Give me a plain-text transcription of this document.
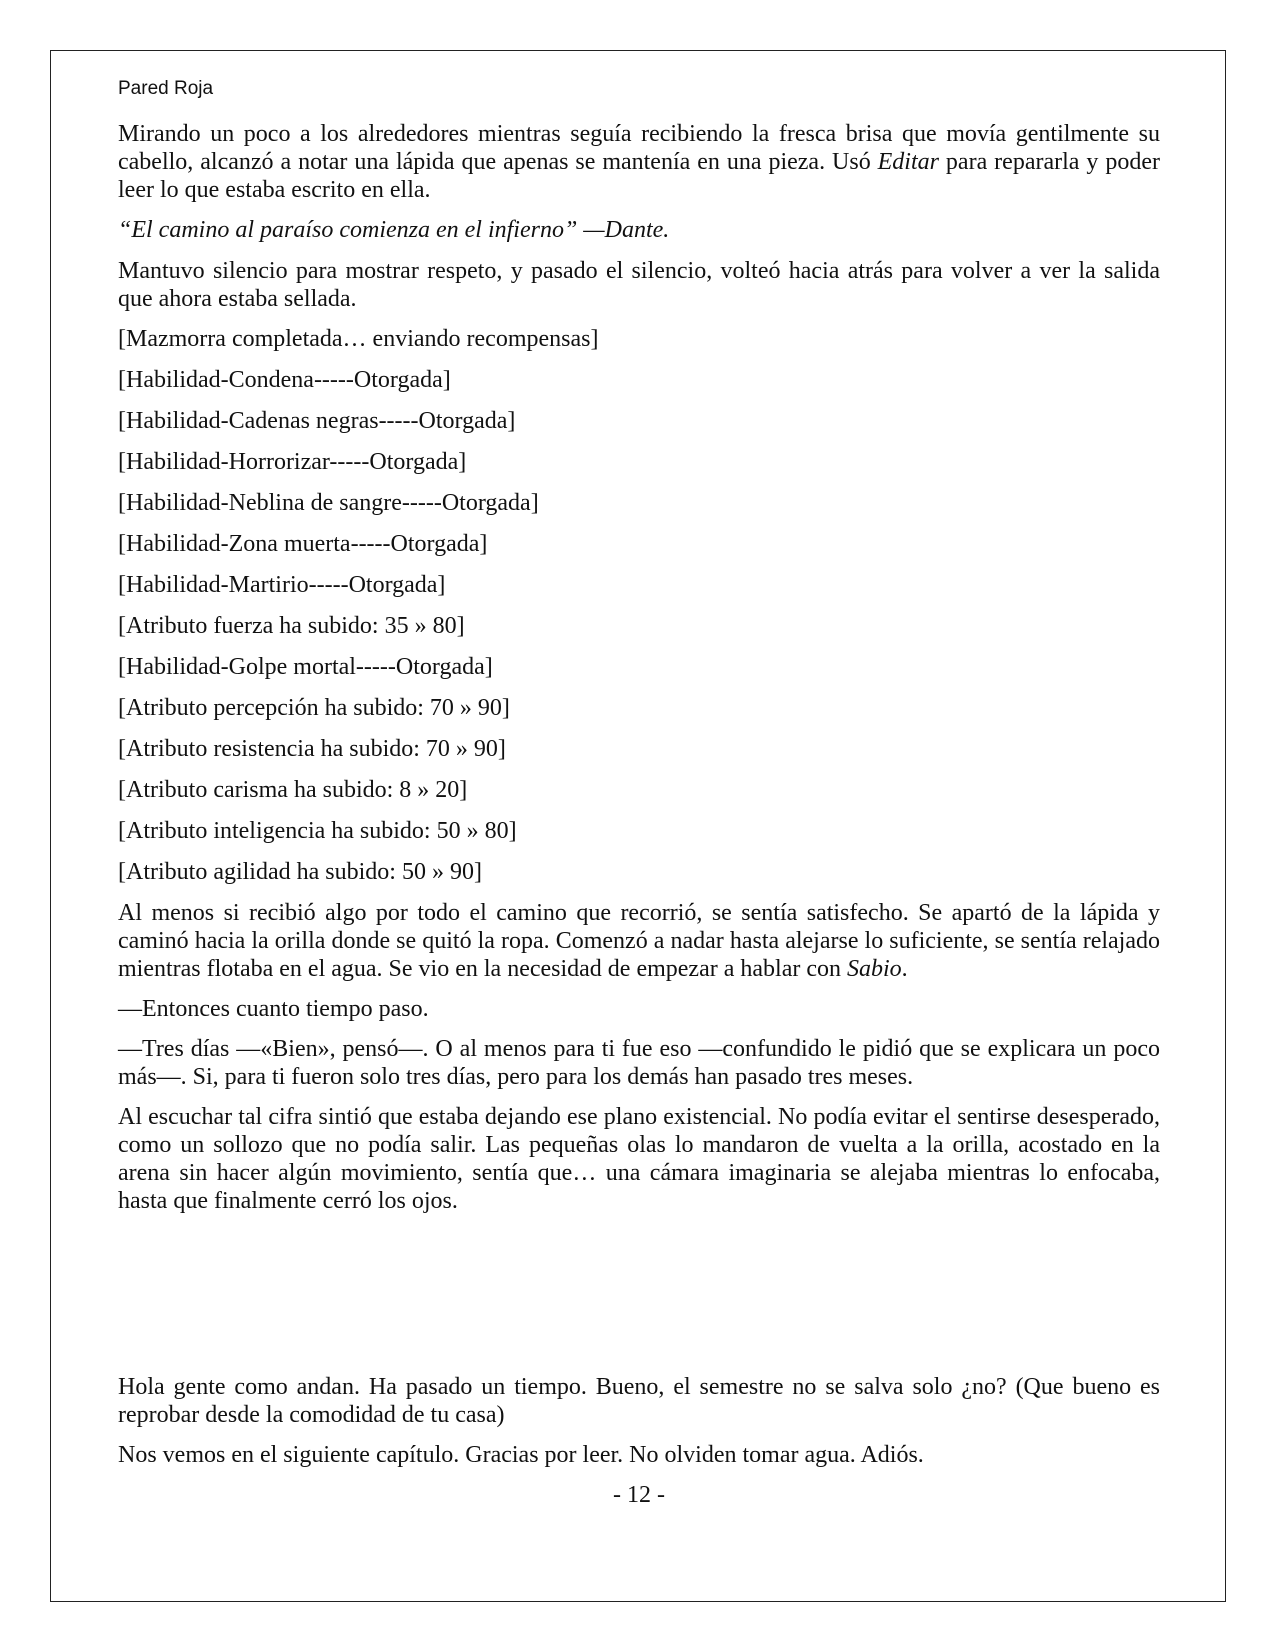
Pared Roja

Mirando un poco a los alrededores mientras seguía recibiendo la fresca brisa que movía gentilmente su cabello, alcanzó a notar una lápida que apenas se mantenía en una pieza. Usó Editar para repararla y poder leer lo que estaba escrito en ella.

“El camino al paraíso comienza en el infierno” —Dante.

Mantuvo silencio para mostrar respeto, y pasado el silencio, volteó hacia atrás para volver a ver la salida que ahora estaba sellada.

[Mazmorra completada… enviando recompensas]

[Habilidad-Condena-----Otorgada]

[Habilidad-Cadenas negras-----Otorgada]

[Habilidad-Horrorizar-----Otorgada]

[Habilidad-Neblina de sangre-----Otorgada]

[Habilidad-Zona muerta-----Otorgada]

[Habilidad-Martirio-----Otorgada]

[Atributo fuerza ha subido: 35 » 80]

[Habilidad-Golpe mortal-----Otorgada]

[Atributo percepción ha subido: 70 » 90]

[Atributo resistencia ha subido: 70 » 90]

[Atributo carisma ha subido: 8 » 20]

[Atributo inteligencia ha subido: 50 » 80]

[Atributo agilidad ha subido: 50 » 90]

Al menos si recibió algo por todo el camino que recorrió, se sentía satisfecho. Se apartó de la lápida y caminó hacia la orilla donde se quitó la ropa. Comenzó a nadar hasta alejarse lo suficiente, se sentía relajado mientras flotaba en el agua. Se vio en la necesidad de empezar a hablar con Sabio.

—Entonces cuanto tiempo paso.

—Tres días —«Bien», pensó—. O al menos para ti fue eso —confundido le pidió que se explicara un poco más—. Si, para ti fueron solo tres días, pero para los demás han pasado tres meses.

Al escuchar tal cifra sintió que estaba dejando ese plano existencial. No podía evitar el sentirse desesperado, como un sollozo que no podía salir. Las pequeñas olas lo mandaron de vuelta a la orilla, acostado en la arena sin hacer algún movimiento, sentía que… una cámara imaginaria se alejaba mientras lo enfocaba, hasta que finalmente cerró los ojos.

Hola gente como andan. Ha pasado un tiempo. Bueno, el semestre no se salva solo ¿no? (Que bueno es reprobar desde la comodidad de tu casa)

Nos vemos en el siguiente capítulo. Gracias por leer. No olviden tomar agua. Adiós.

- 12 -
